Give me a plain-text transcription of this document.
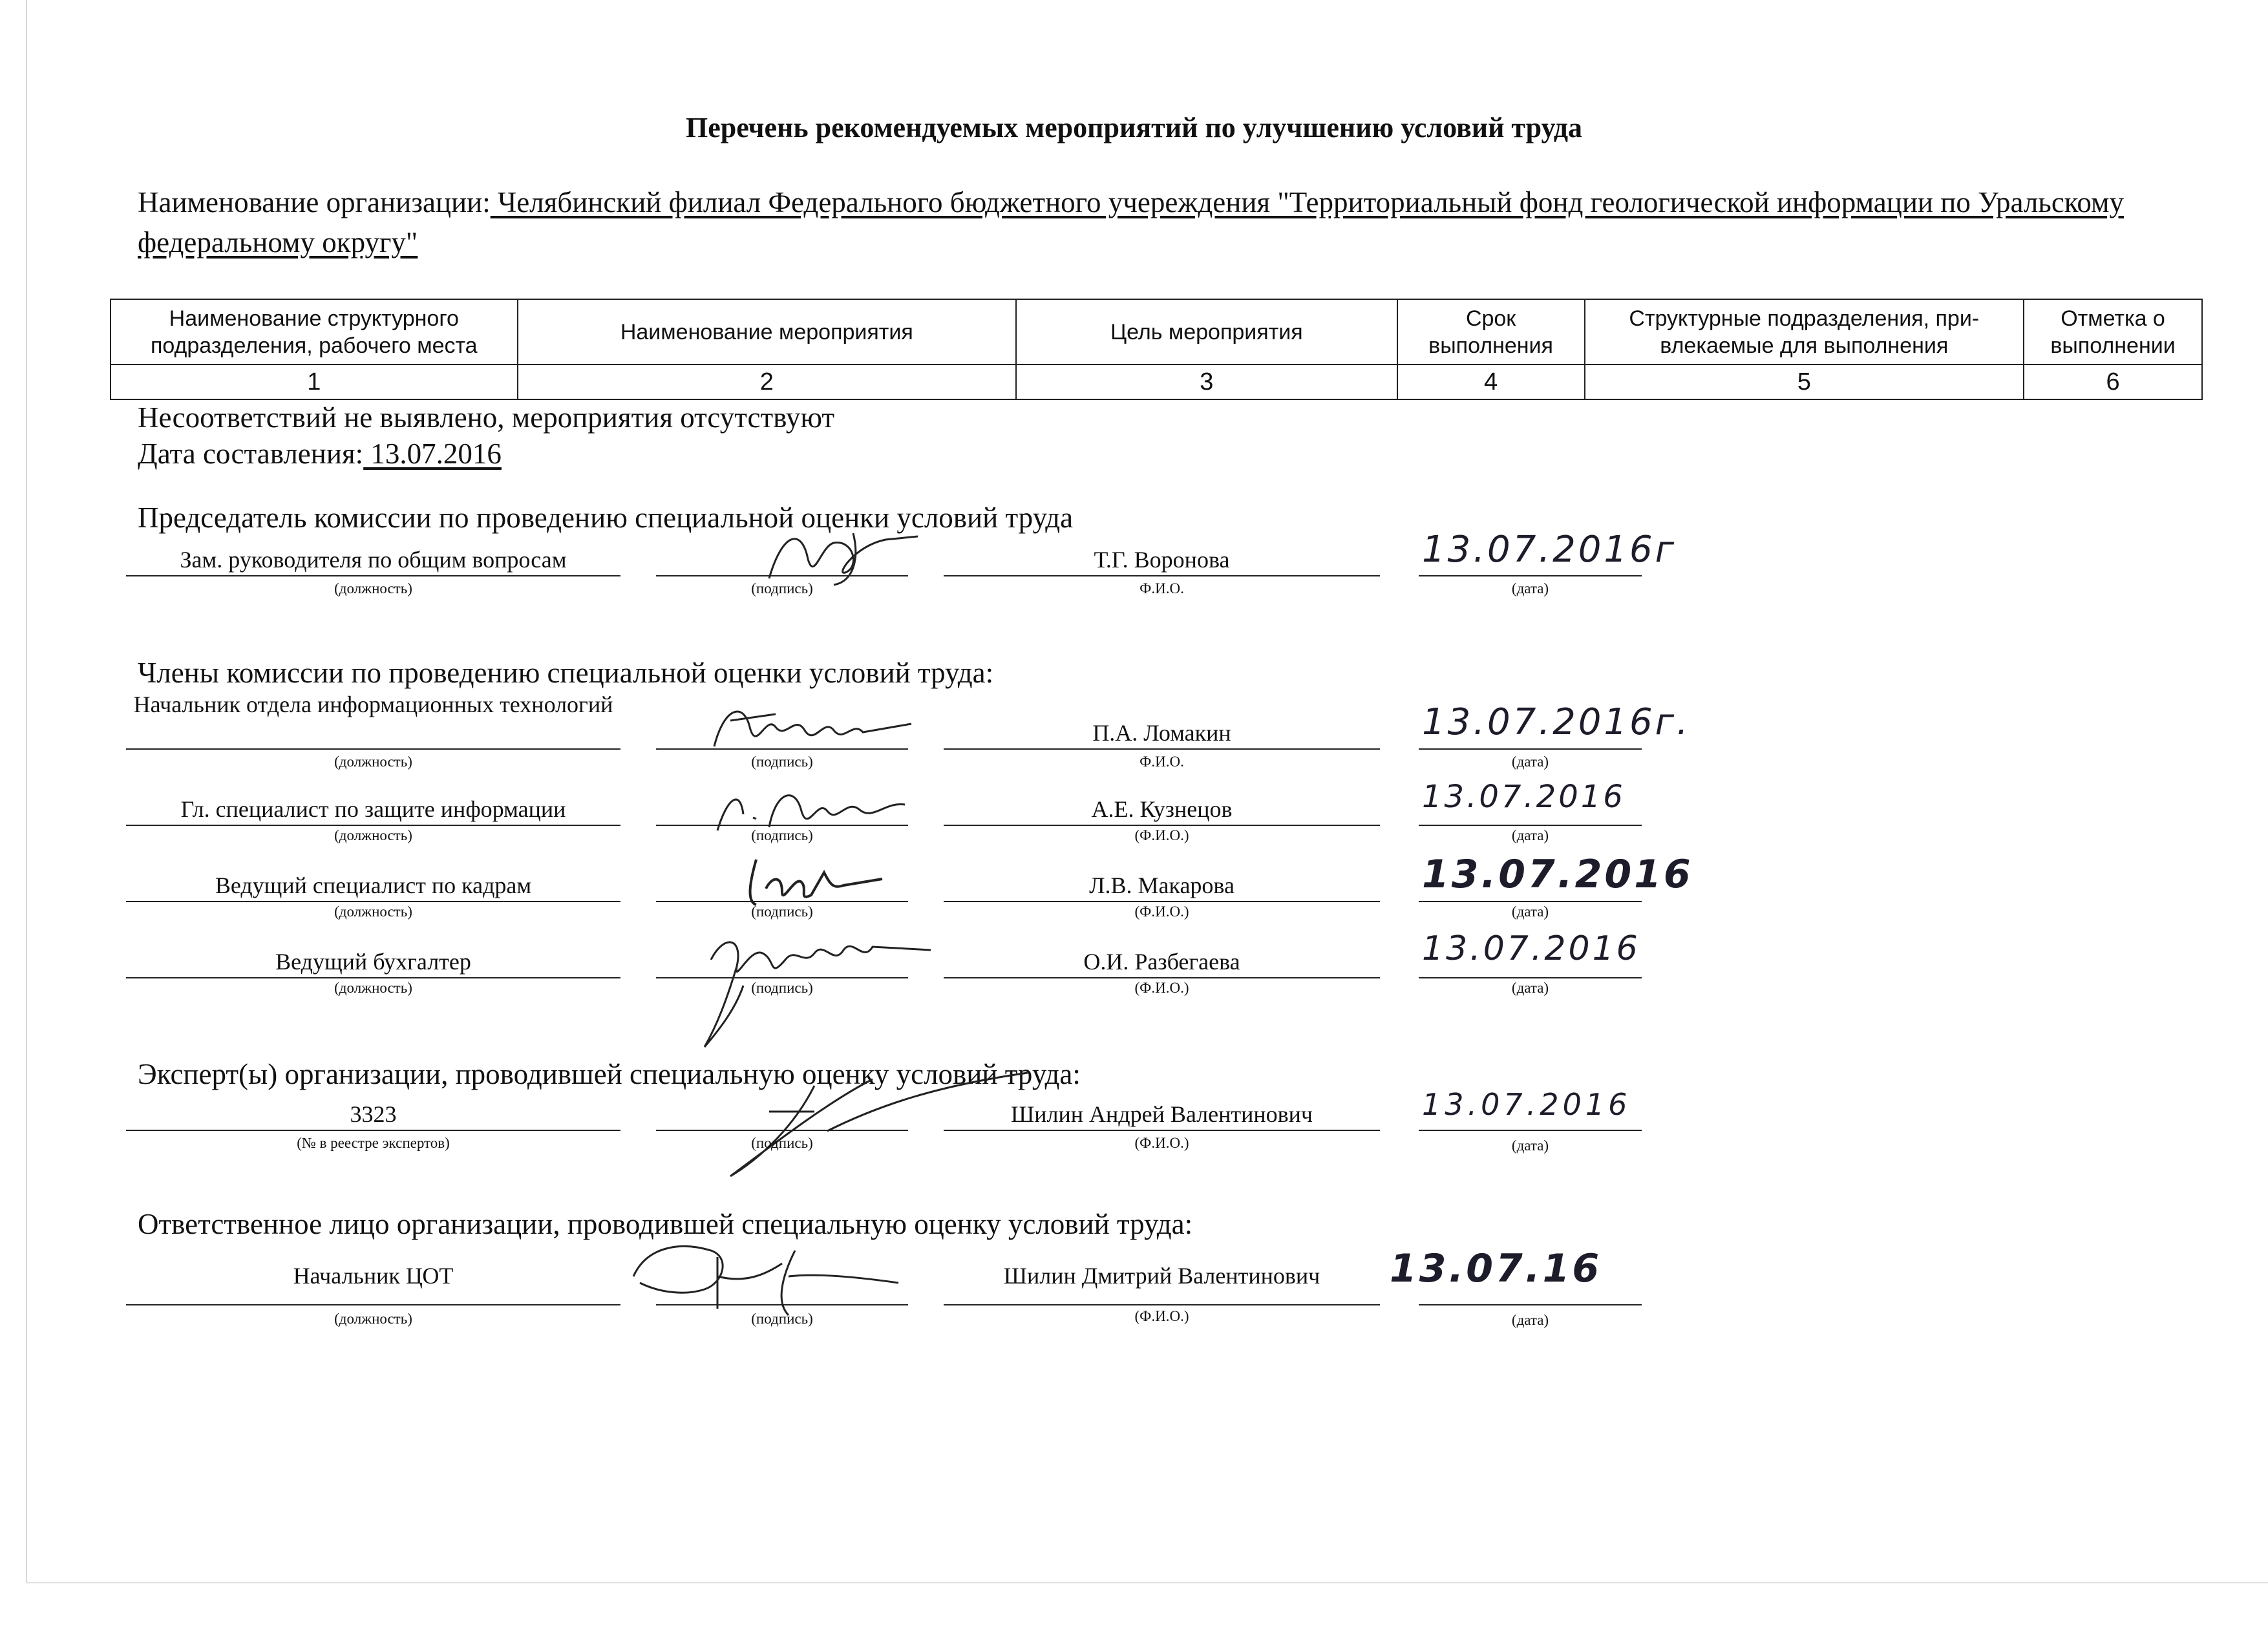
Перечень рекомендуемых мероприятий по улучшению условий труда
Наименование организации: Челябинский филиал Федерального бюджетного учереждения "Территориальный фонд геологической информации по Уральскому федеральному округу"
Наименование структурного подразделения, рабочего места	Наименование мероприятия	Цель мероприятия	Срок выполнения	Структурные подразделения, при-влекаемые для выполнения	Отметка о выполнении
1	2	3	4	5	6
Несоответствий не выявлено, мероприятия отсутствуют
Дата составления: 13.07.2016
Председатель комиссии по проведению специальной оценки условий труда
Зам. руководителя по общим вопросам	Т.Г. Воронова	13.07.2016г
(должность)	(подпись)	Ф.И.О.	(дата)
Члены комиссии по проведению специальной оценки условий труда:
Начальник отдела информационных технологий
П.А. Ломакин	13.07.2016г.
(должность)	(подпись)	Ф.И.О.	(дата)
Гл. специалист по защите информации	А.Е. Кузнецов	13.07.2016
(должность)	(подпись)	(Ф.И.О.)	(дата)
Ведущий специалист по кадрам	Л.В. Макарова	13.07.2016
(должность)	(подпись)	(Ф.И.О.)	(дата)
Ведущий бухгалтер	О.И. Разбегаева	13.07.2016
(должность)	(подпись)	(Ф.И.О.)	(дата)
Эксперт(ы) организации, проводившей специальную оценку условий труда:
3323	Шилин Андрей Валентинович	13.07.2016
(№ в реестре экспертов)	(подпись)	(Ф.И.О.)	(дата)
Ответственное лицо организации, проводившей специальную оценку условий труда:
Начальник ЦОТ	Шилин Дмитрий Валентинович	13.07.16
(должность)	(подпись)	(Ф.И.О.)	(дата)
